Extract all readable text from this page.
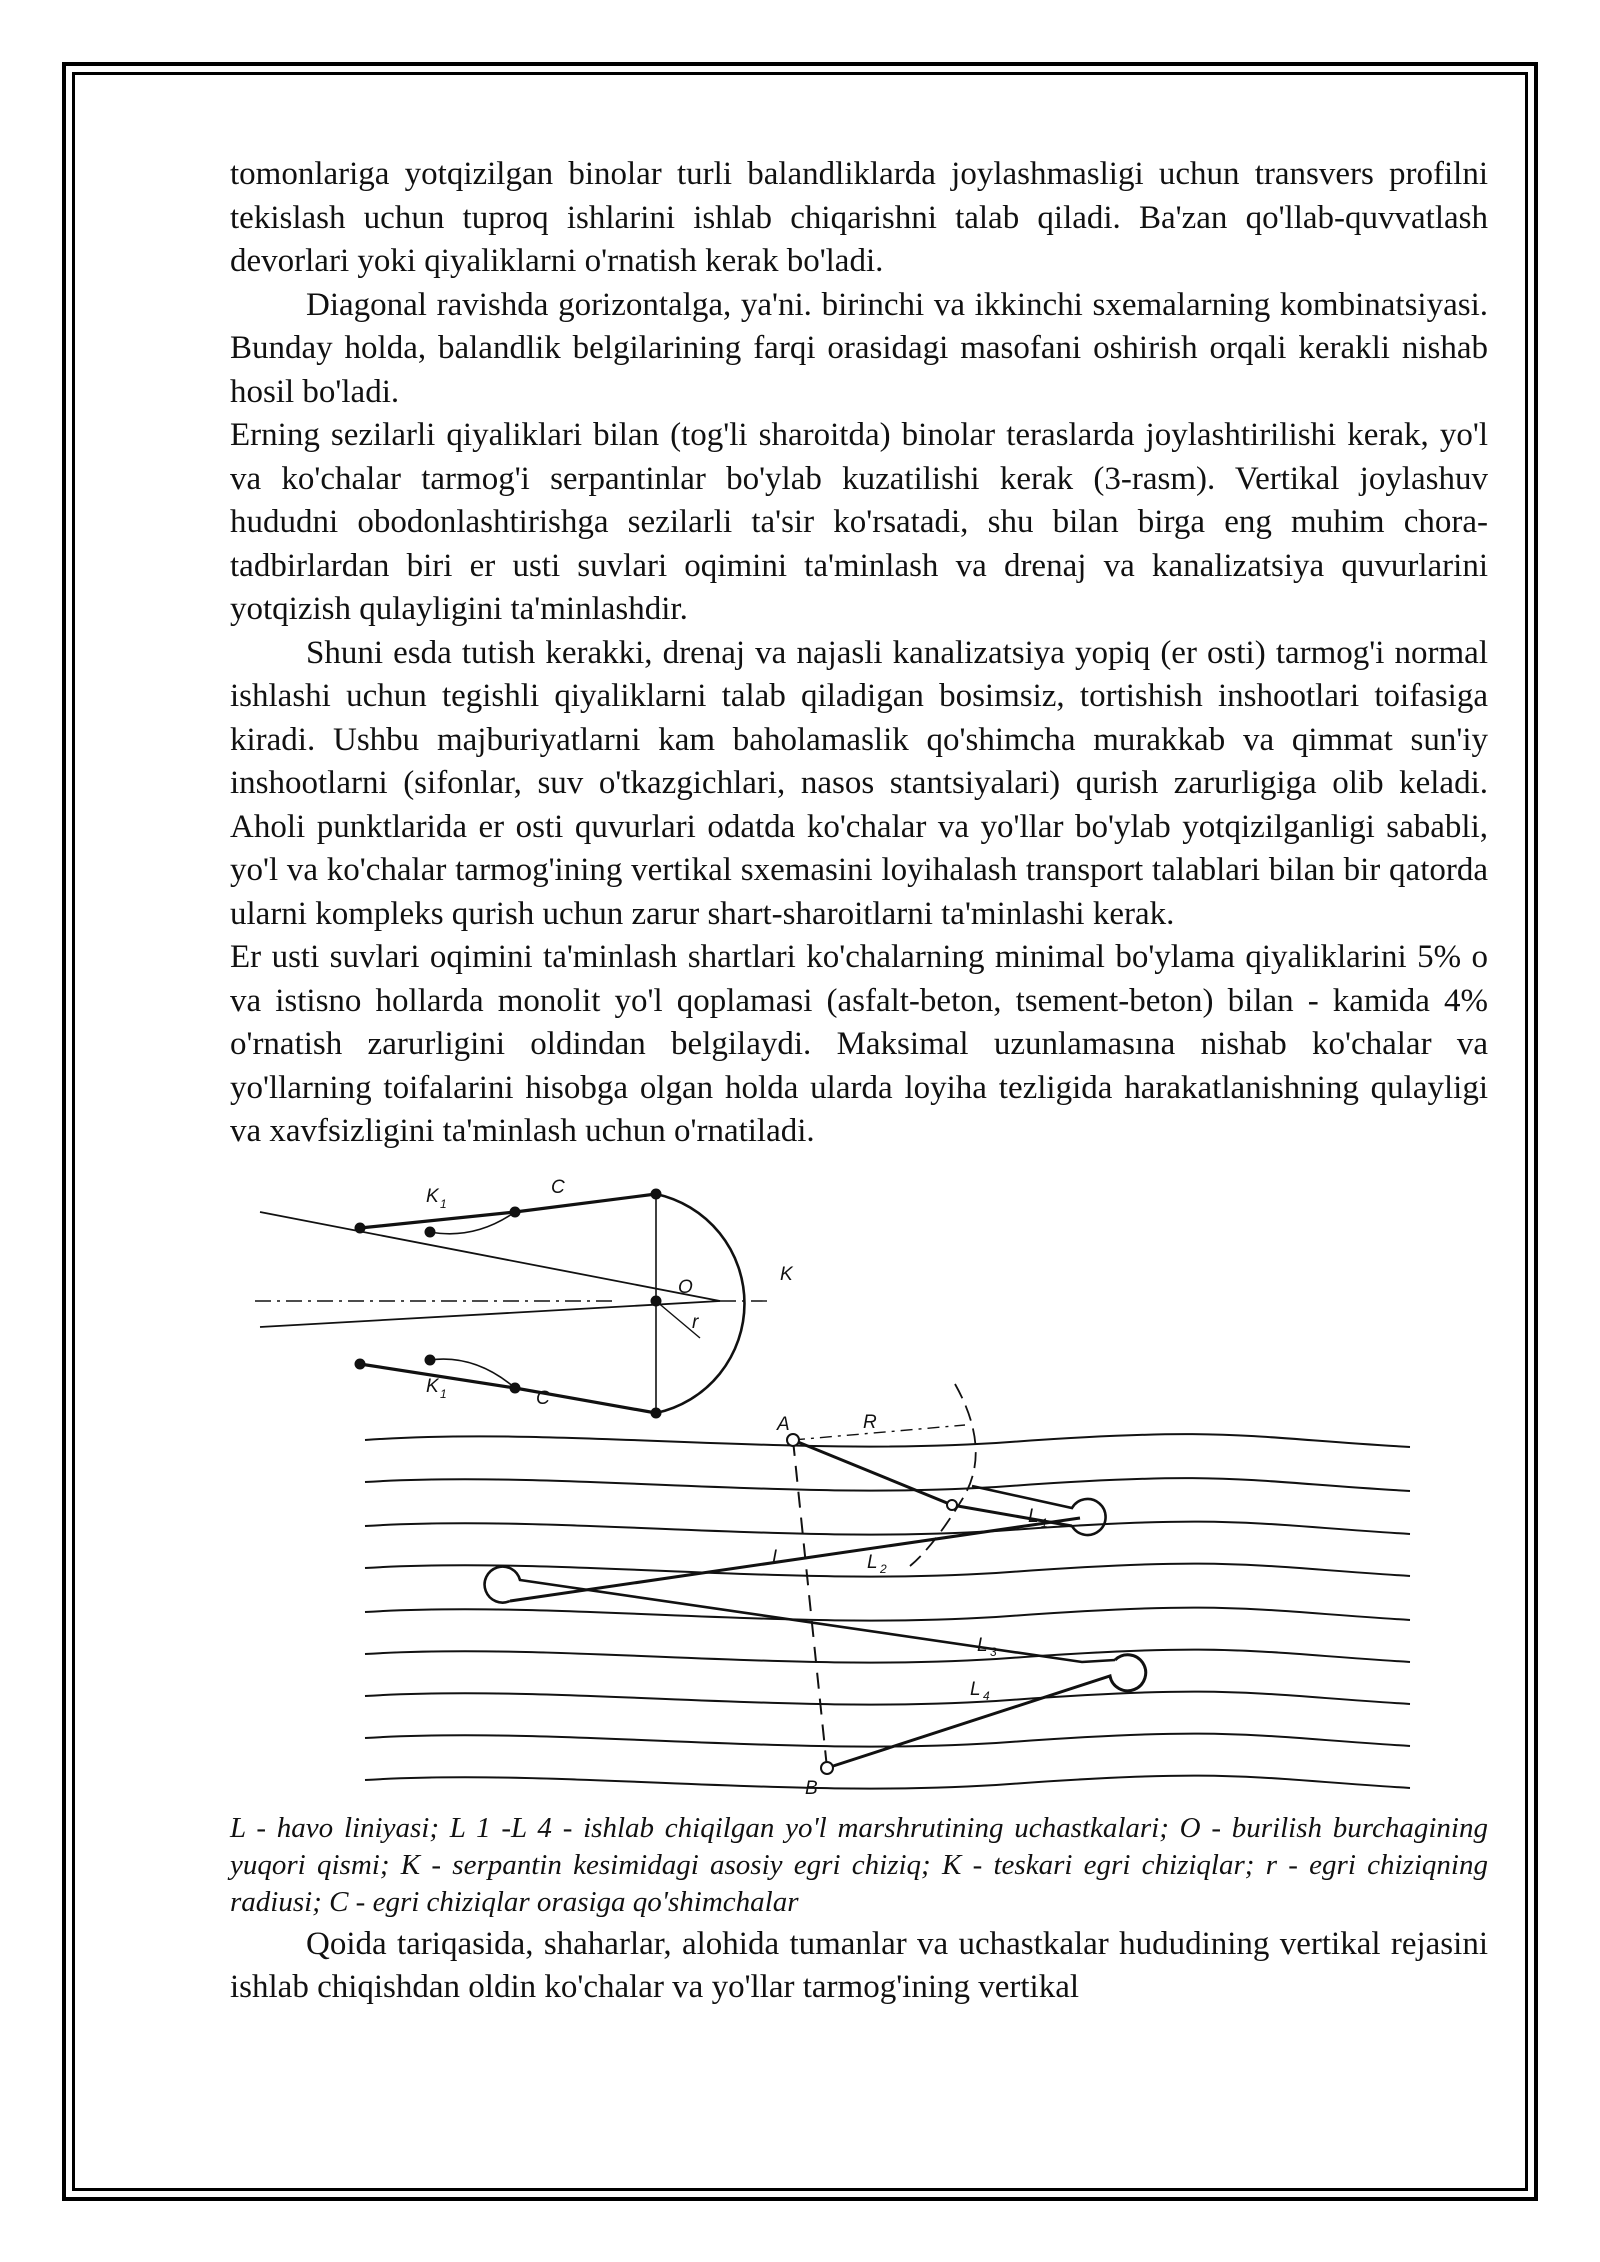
tomonlariga yotqizilgan binolar turli balandliklarda joylashmasligi uchun transvers profilni tekislash uchun tuproq ishlarini ishlab chiqarishni talab qiladi. Ba'zan qo'llab-quvvatlash devorlari yoki qiyaliklarni o'rnatish kerak bo'ladi.

Diagonal ravishda gorizontalga, ya'ni. birinchi va ikkinchi sxemalarning kombinatsiyasi. Bunday holda, balandlik belgilarining farqi orasidagi masofani oshirish orqali kerakli nishab hosil bo'ladi.

Erning sezilarli qiyaliklari bilan (tog'li sharoitda) binolar teraslarda joylashtirilishi kerak, yo'l va ko'chalar tarmog'i serpantinlar bo'ylab kuzatilishi kerak (3-rasm). Vertikal joylashuv hududni obodonlashtirishga sezilarli ta'sir ko'rsatadi, shu bilan birga eng muhim chora-tadbirlardan biri er usti suvlari oqimini ta'minlash va drenaj va kanalizatsiya quvurlarini yotqizish qulayligini ta'minlashdir.

Shuni esda tutish kerakki, drenaj va najasli kanalizatsiya yopiq (er osti) tarmog'i normal ishlashi uchun tegishli qiyaliklarni talab qiladigan bosimsiz, tortishish inshootlari toifasiga kiradi. Ushbu majburiyatlarni kam baholamaslik qo'shimcha murakkab va qimmat sun'iy inshootlarni (sifonlar, suv o'tkazgichlari, nasos stantsiyalari) qurish zarurligiga olib keladi. Aholi punktlarida er osti quvurlari odatda ko'chalar va yo'llar bo'ylab yotqizilganligi sababli, yo'l va ko'chalar tarmog'ining vertikal sxemasini loyihalash transport talablari bilan bir qatorda ularni kompleks qurish uchun zarur shart-sharoitlarni ta'minlashi kerak.

Er usti suvlari oqimini ta'minlash shartlari ko'chalarning minimal bo'ylama qiyaliklarini 5% o va istisno hollarda monolit yo'l qoplamasi (asfalt-beton, tsement-beton) bilan - kamida 4% o'rnatish zarurligini oldindan belgilaydi. Maksimal uzunlamasına nishab ko'chalar va yo'llarning toifalarini hisobga olgan holda ularda loyiha tezligida harakatlanishning qulayligi va xavfsizligini ta'minlash uchun o'rnatiladi.

K 1
C
O
K
r
K 1	C
A	R
L
L 1
L 2
L 3
L 4
B

L - havo liniyasi; L 1 -L 4 - ishlab chiqilgan yo'l marshrutining uchastkalari; O - burilish burchagining yuqori qismi; K - serpantin kesimidagi asosiy egri chiziq; K - teskari egri chiziqlar; r - egri chiziqning radiusi; C - egri chiziqlar orasiga qo'shimchalar

Qoida tariqasida, shaharlar, alohida tumanlar va uchastkalar hududining vertikal rejasini ishlab chiqishdan oldin ko'chalar va yo'llar tarmog'ining vertikal
